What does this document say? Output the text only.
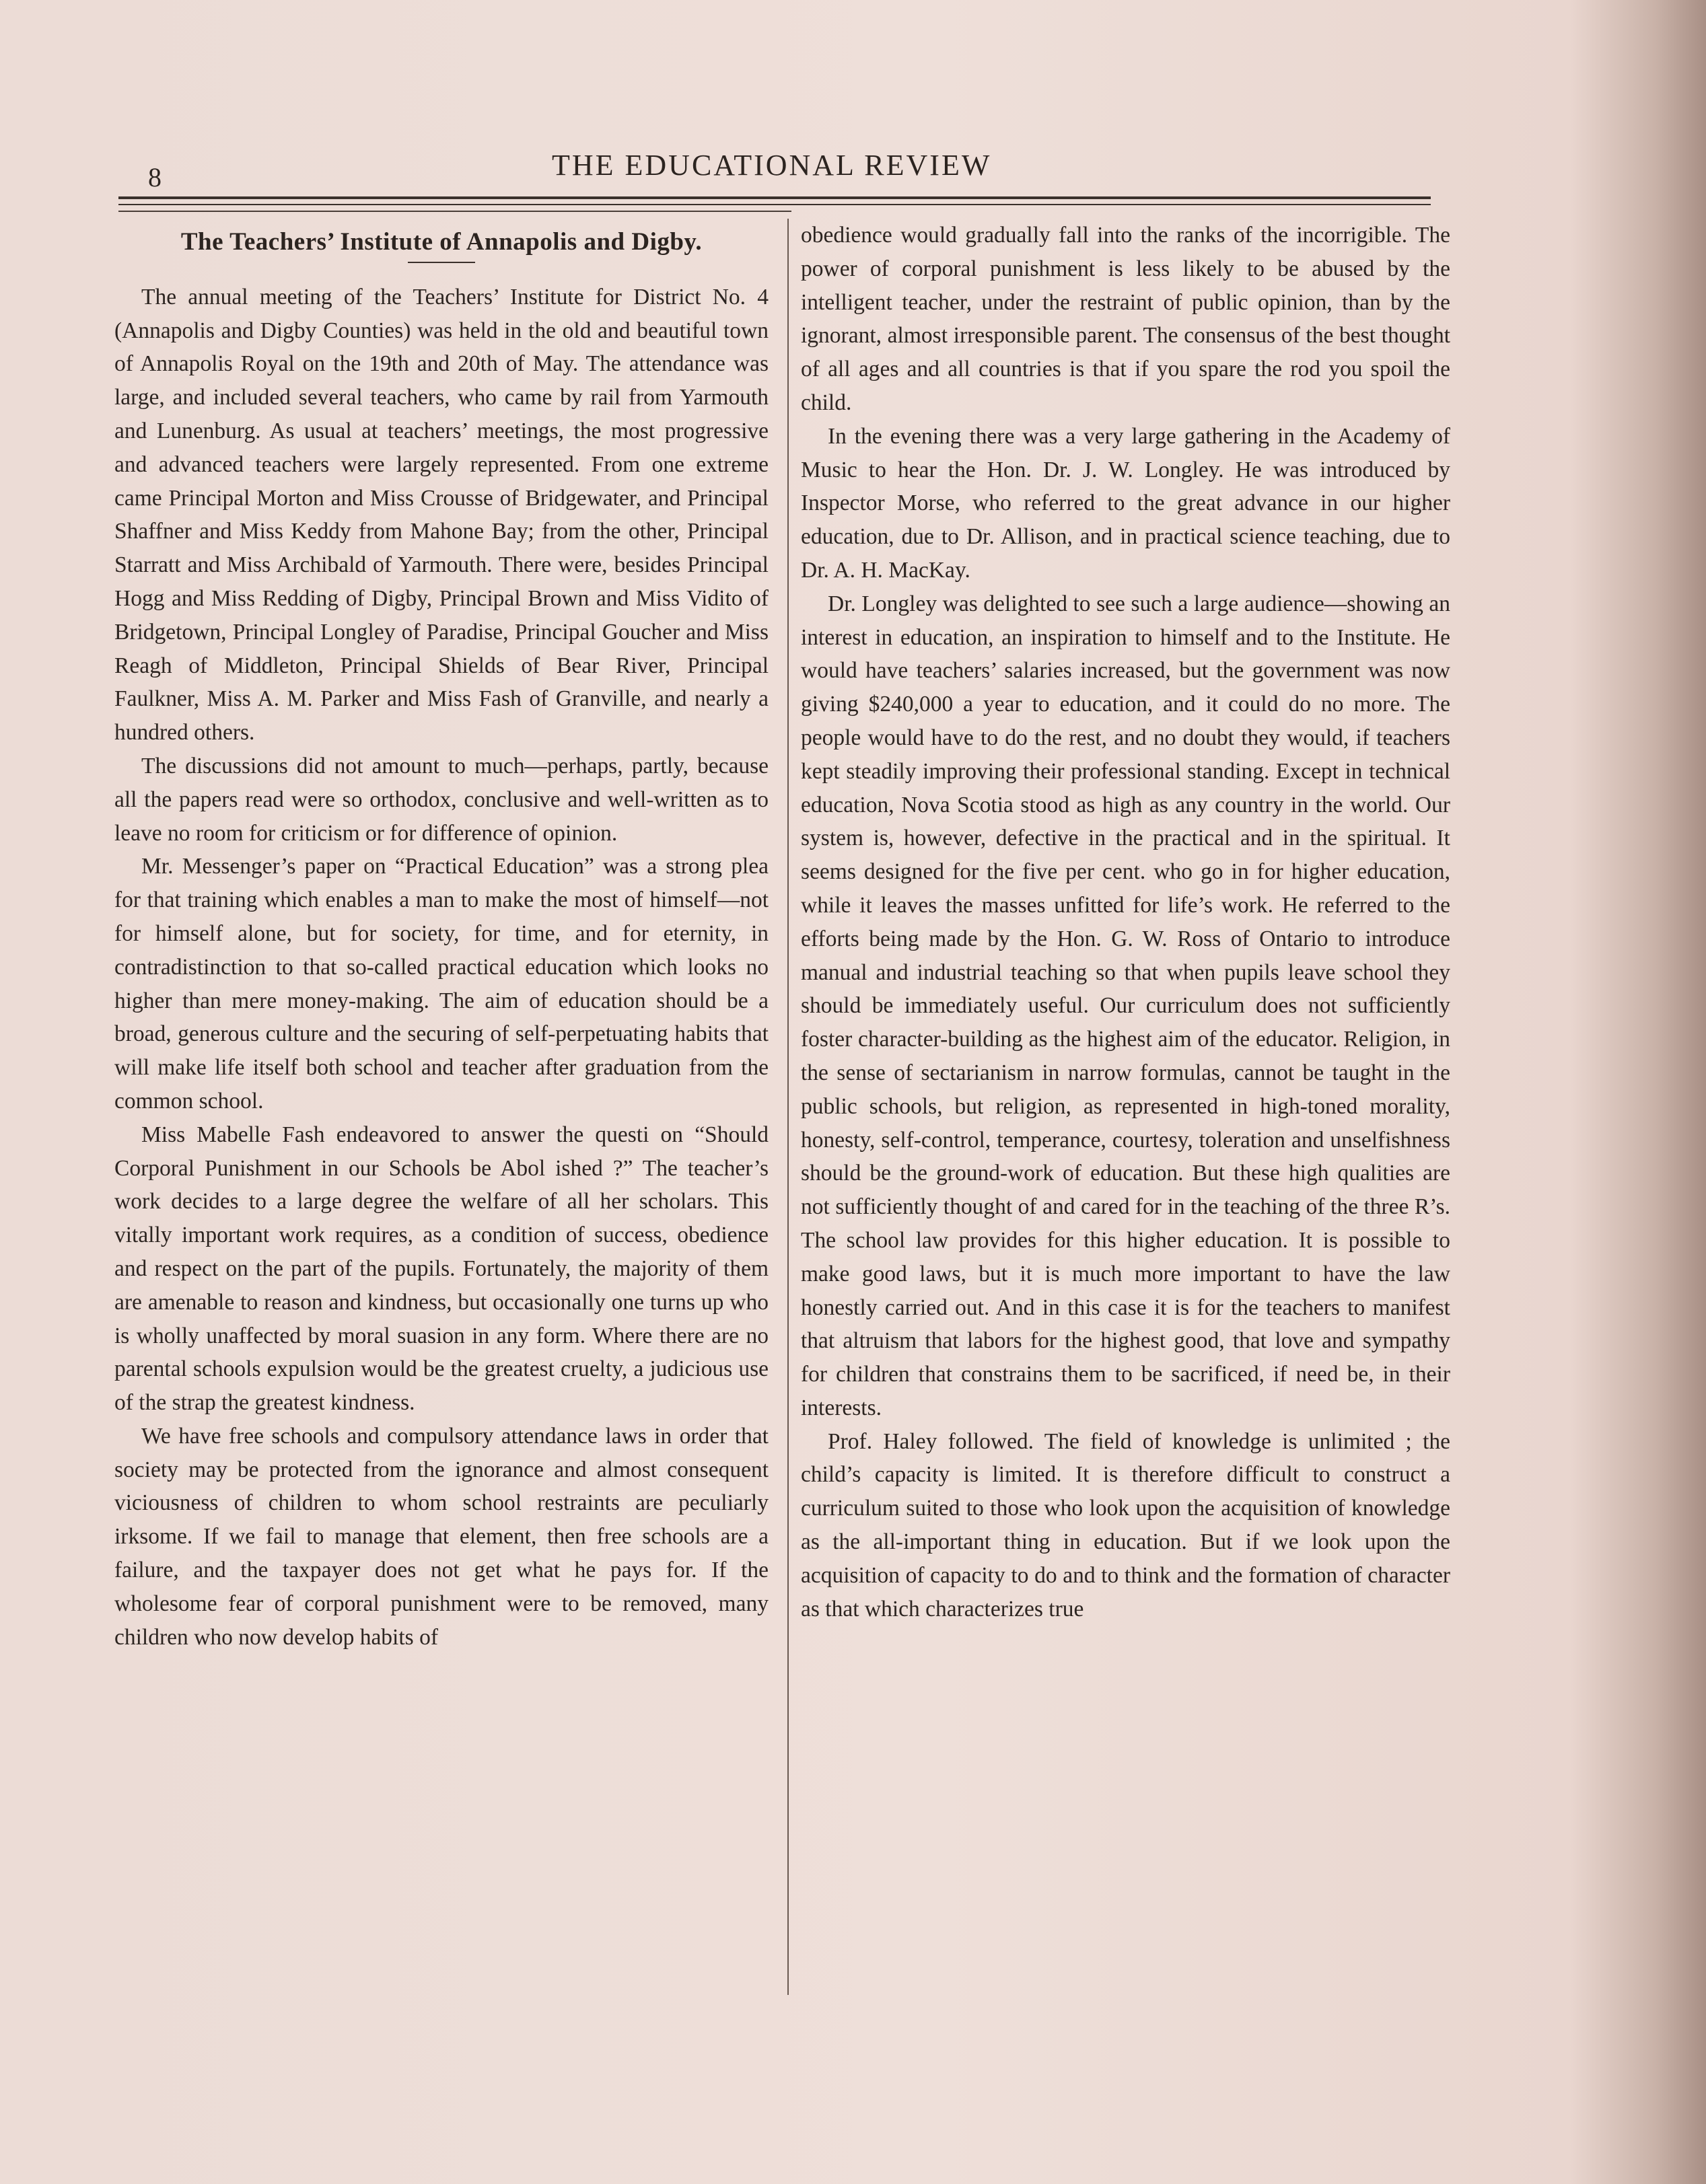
8	THE EDUCATIONAL REVIEW
The Teachers’ Institute of Annapolis and Digby.

The annual meeting of the Teachers’ Institute for District No. 4 (Annapolis and Digby Counties) was held in the old and beautiful town of Annapolis Royal on the 19th and 20th of May. The attendance was large, and included several teachers, who came by rail from Yarmouth and Lunenburg. As usual at teachers’ meetings, the most progressive and advanced teachers were largely represented. From one extreme came Principal Morton and Miss Crousse of Bridgewater, and Principal Shaffner and Miss Keddy from Mahone Bay; from the other, Principal Starratt and Miss Archibald of Yarmouth. There were, besides Principal Hogg and Miss Redding of Digby, Principal Brown and Miss Vidito of Bridgetown, Principal Longley of Paradise, Principal Goucher and Miss Reagh of Middleton, Principal Shields of Bear River, Principal Faulkner, Miss A. M. Parker and Miss Fash of Granville, and nearly a hundred others.

The discussions did not amount to much—perhaps, partly, because all the papers read were so orthodox, conclusive and well-written as to leave no room for criticism or for difference of opinion.

Mr. Messenger’s paper on “Practical Education” was a strong plea for that training which enables a man to make the most of himself—not for himself alone, but for society, for time, and for eternity, in contradistinction to that so-called practical education which looks no higher than mere money-making. The aim of education should be a broad, generous culture and the securing of self-perpetuating habits that will make life itself both school and teacher after graduation from the common school.

Miss Mabelle Fash endeavored to answer the questi on “Should Corporal Punishment in our Schools be Abol ished ?” The teacher’s work decides to a large degree the welfare of all her scholars. This vitally important work requires, as a condition of success, obedience and respect on the part of the pupils. Fortunately, the majority of them are amenable to reason and kindness, but occasionally one turns up who is wholly unaffected by moral suasion in any form. Where there are no parental schools expulsion would be the greatest cruelty, a judicious use of the strap the greatest kindness.

We have free schools and compulsory attendance laws in order that society may be protected from the ignorance and almost consequent viciousness of children to whom school restraints are peculiarly irksome. If we fail to manage that element, then free schools are a failure, and the taxpayer does not get what he pays for. If the wholesome fear of corporal punishment were to be removed, many children who now develop habits of

obedience would gradually fall into the ranks of the incorrigible. The power of corporal punishment is less likely to be abused by the intelligent teacher, under the restraint of public opinion, than by the ignorant, almost irresponsible parent. The consensus of the best thought of all ages and all countries is that if you spare the rod you spoil the child.

In the evening there was a very large gathering in the Academy of Music to hear the Hon. Dr. J. W. Longley. He was introduced by Inspector Morse, who referred to the great advance in our higher education, due to Dr. Allison, and in practical science teaching, due to Dr. A. H. MacKay.

Dr. Longley was delighted to see such a large audience—showing an interest in education, an inspiration to himself and to the Institute. He would have teachers’ salaries increased, but the government was now giving $240,000 a year to education, and it could do no more. The people would have to do the rest, and no doubt they would, if teachers kept steadily improving their professional standing. Except in technical education, Nova Scotia stood as high as any country in the world. Our system is, however, defective in the practical and in the spiritual. It seems designed for the five per cent. who go in for higher education, while it leaves the masses unfitted for life’s work. He referred to the efforts being made by the Hon. G. W. Ross of Ontario to introduce manual and industrial teaching so that when pupils leave school they should be immediately useful. Our curriculum does not sufficiently foster character-building as the highest aim of the educator. Religion, in the sense of sectarianism in narrow formulas, cannot be taught in the public schools, but religion, as represented in high-toned morality, honesty, self-control, temperance, courtesy, toleration and unselfishness should be the ground-work of education. But these high qualities are not sufficiently thought of and cared for in the teaching of the three R’s. The school law provides for this higher education. It is possible to make good laws, but it is much more important to have the law honestly carried out. And in this case it is for the teachers to manifest that altruism that labors for the highest good, that love and sympathy for children that constrains them to be sacrificed, if need be, in their interests.

Prof. Haley followed. The field of knowledge is unlimited ; the child’s capacity is limited. It is therefore difficult to construct a curriculum suited to those who look upon the acquisition of knowledge as the all-important thing in education. But if we look upon the acquisition of capacity to do and to think and the formation of character as that which characterizes true
